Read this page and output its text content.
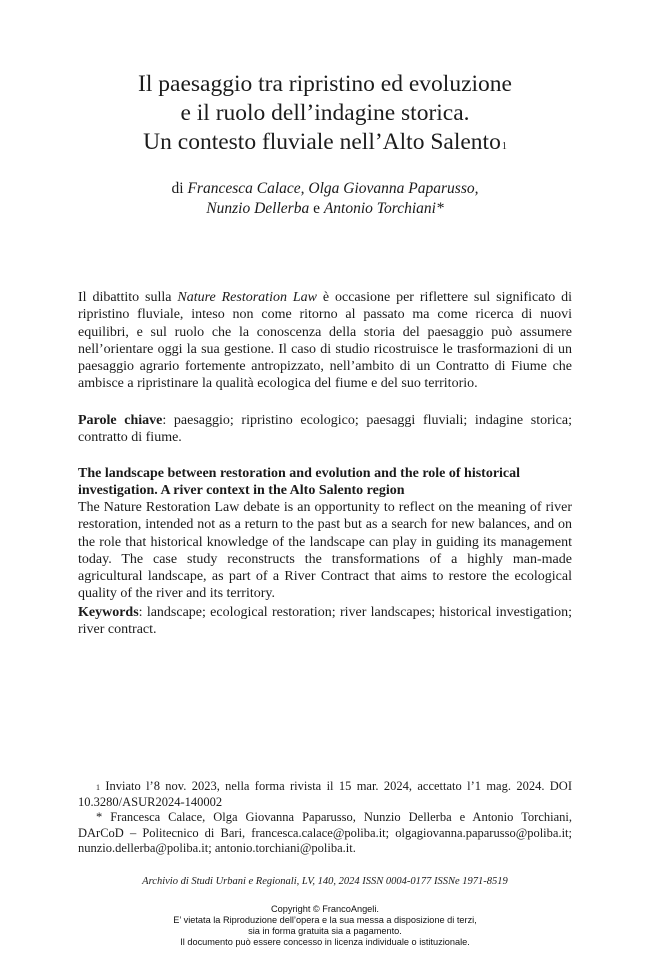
Il paesaggio tra ripristino ed evoluzione
e il ruolo dell’indagine storica.
Un contesto fluviale nell’Alto Salento$^1$
di Francesca Calace, Olga Giovanna Paparusso,
Nunzio Dellerba e Antonio Torchiani*

Il dibattito sulla Nature Restoration Law è occasione per riflettere sul significato di ripristino fluviale, inteso non come ritorno al passato ma come ricerca di nuovi equilibri, e sul ruolo che la conoscenza della storia del paesaggio può assumere nell’orientare oggi la sua gestione. Il caso di studio ricostruisce le trasformazioni di un paesaggio agrario fortemente antropizzato, nell’ambito di un Contratto di Fiume che ambisce a ripristinare la qualità ecologica del fiume e del suo territorio.

Parole chiave: paesaggio; ripristino ecologico; paesaggi fluviali; indagine storica; contratto di fiume.

The landscape between restoration and evolution and the role of historical investigation. A river context in the Alto Salento region

The Nature Restoration Law debate is an opportunity to reflect on the meaning of river restoration, intended not as a return to the past but as a search for new balances, and on the role that historical knowledge of the landscape can play in guiding its management today. The case study reconstructs the transformations of a highly man-made agricultural landscape, as part of a River Contract that aims to restore the ecological quality of the river and its territory.

Keywords: landscape; ecological restoration; river landscapes; historical investigation; river contract.

$^1$ Inviato l’8 nov. 2023, nella forma rivista il 15 mar. 2024, accettato l’1 mag. 2024. DOI 10.3280/ASUR2024-140002
* Francesca Calace, Olga Giovanna Paparusso, Nunzio Dellerba e Antonio Torchiani, DArCoD – Politecnico di Bari, francesca.calace@poliba.it; olgagiovanna.paparusso@poliba.it; nunzio.dellerba@poliba.it; antonio.torchiani@poliba.it.
Archivio di Studi Urbani e Regionali, LV, 140, 2024 ISSN 0004-0177 ISSNe 1971-8519
Copyright © FrancoAngeli.
E’ vietata la Riproduzione dell’opera e la sua messa a disposizione di terzi,
sia in forma gratuita sia a pagamento.
Il documento può essere concesso in licenza individuale o istituzionale.
